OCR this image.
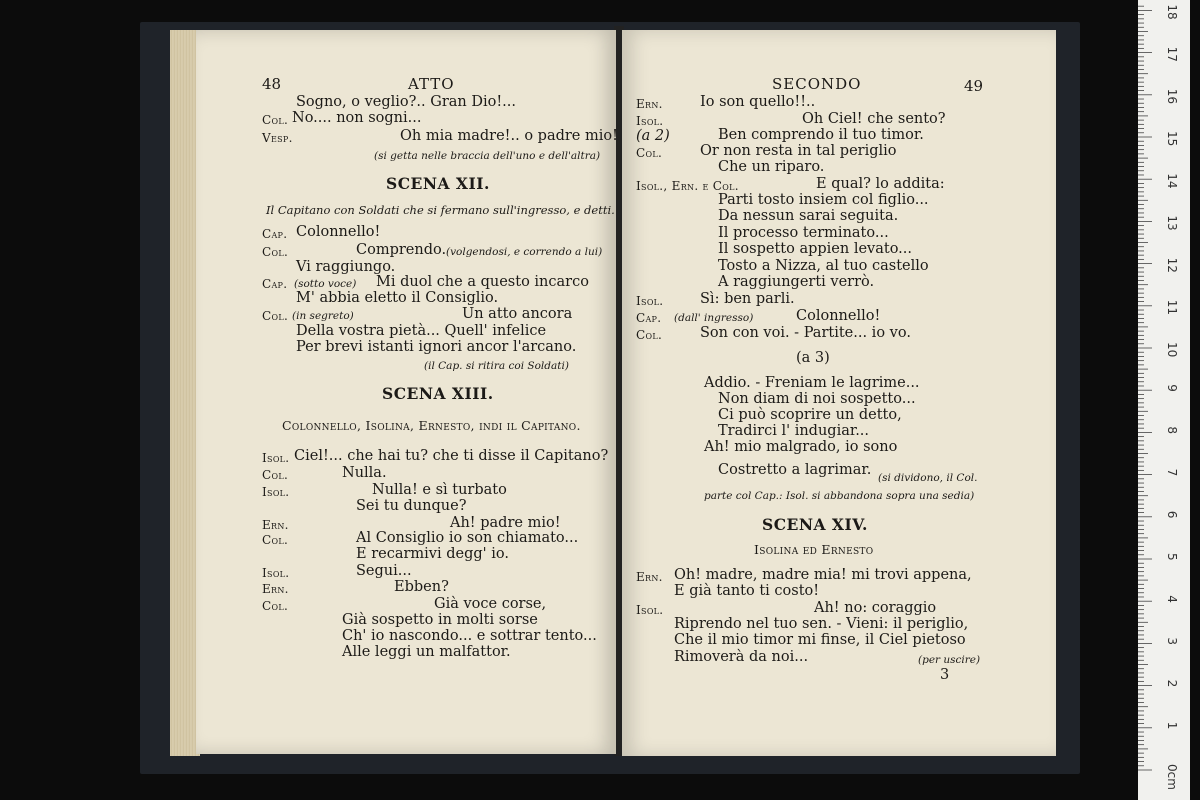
48	ATTO
Sogno, o veglio?.. Gran Dio!...
Col. No.... non sogni...
Vesp.	Oh mia madre!.. o padre mio!
(si getta nelle braccia dell'uno e dell'altra)
SCENA XII.
Il Capitano con Soldati che si fermano sull'ingresso, e detti.
Cap. Colonnello!
Col.	Comprendo. (volgendosi, e correndo a lui)
Vi raggiungo.
Cap. (sotto voce) Mi duol che a questo incarco
M' abbia eletto il Consiglio.
Col. (in segreto)	Un atto ancora
Della vostra pietà... Quell' infelice
Per brevi istanti ignori ancor l'arcano.
(il Cap. si ritira coi Soldati)
SCENA XIII.
Colonnello, Isolina, Ernesto, indi il Capitano.
Isol. Ciel!... che hai tu? che ti disse il Capitano?
Col.	Nulla.
Isol.	Nulla! e sì turbato
Sei tu dunque?
Ern.	Ah! padre mio!
Col.	Al Consiglio io son chiamato...
E recarmivi degg' io.
Isol.	Segui...
Ern.	Ebben?
Col.	Già voce corse,
Già sospetto in molti sorse
Ch' io nascondo... e sottrar tento...
Alle leggi un malfattor.
SECONDO	49
Ern.	Io son quello!!..
Isol.	Oh Ciel! che sento?
(a 2)	Ben comprendo il tuo timor.
Col.	Or non resta in tal periglio
Che un riparo.
Isol., Ern. e Col.	E qual? lo addita:
Parti tosto insiem col figlio...
Da nessun sarai seguita.
Il processo terminato...
Il sospetto appien levato...
Tosto a Nizza, al tuo castello
A raggiungerti verrò.
Isol.	Sì: ben parli.
Cap. (dall' ingresso)	Colonnello!
Col.	Son con voi. - Partite... io vo.
(a 3)
Addio. - Freniam le lagrime...
Non diam di noi sospetto...
Ci può scoprire un detto,
Tradirci l' indugiar...
Ah! mio malgrado, io sono
Costretto a lagrimar. (si dividono, il Col.
parte col Cap.: Isol. si abbandona sopra una sedia)
SCENA XIV.
Isolina ed Ernesto
Ern. Oh! madre, madre mia! mi trovi appena,
E già tanto ti costo!
Isol.	Ah! no: coraggio
Riprendo nel tuo sen. - Vieni: il periglio,
Che il mio timor mi finse, il Ciel pietoso
Rimoverà da noi...	(per uscire)
3
0cm
1
2
3
4
5
6
7
8
9
10
11
12
13
14
15
16
17
18
